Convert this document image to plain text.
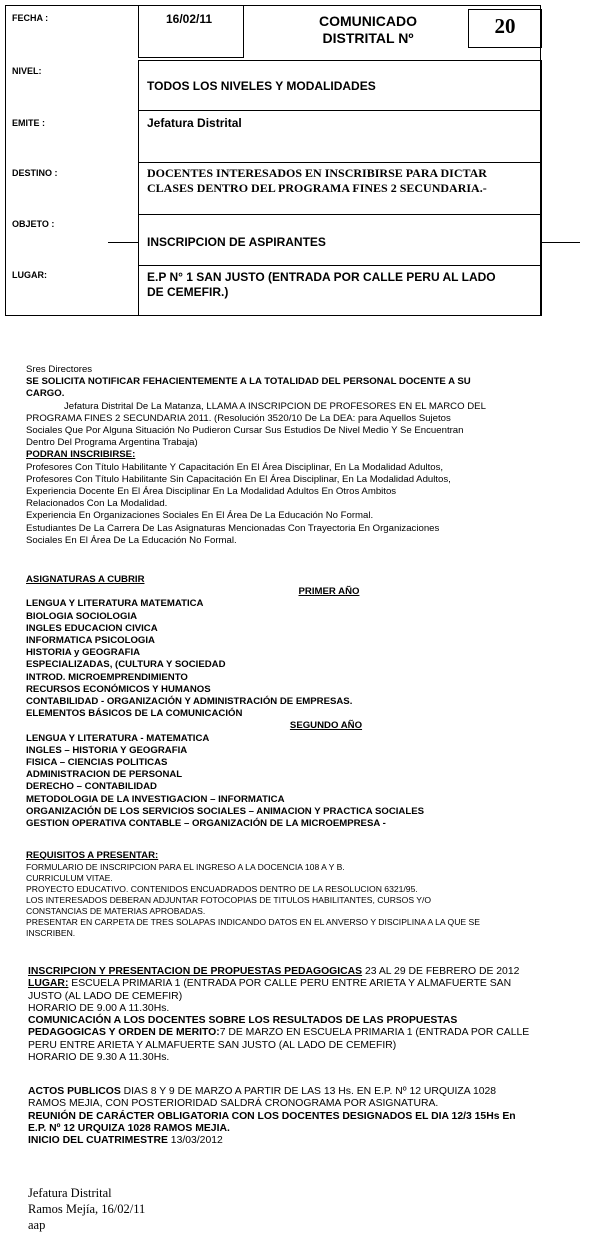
FECHA :	16/02/11	COMUNICADO
DISTRITAL Nº	20
NIVEL:
TODOS LOS NIVELES Y MODALIDADES
EMITE :	Jefatura Distrital
DESTINO :	DOCENTES INTERESADOS EN INSCRIBIRSE PARA DICTAR
CLASES DENTRO DEL PROGRAMA FINES 2 SECUNDARIA.-
OBJETO :
INSCRIPCION DE ASPIRANTES
LUGAR:	E.P N° 1 SAN JUSTO (ENTRADA POR CALLE PERU AL LADO
DE CEMEFIR.)

Sres Directores

SE SOLICITA NOTIFICAR FEHACIENTEMENTE A LA TOTALIDAD DEL PERSONAL DOCENTE A SU

CARGO.

Jefatura Distrital De La Matanza, LLAMA A INSCRIPCION DE PROFESORES EN EL MARCO DEL

PROGRAMA FINES 2 SECUNDARIA 2011. (Resolución 3520/10 De La DEA: para Aquellos Sujetos

Sociales Que Por Alguna Situación No Pudieron Cursar Sus Estudios De Nivel Medio Y Se Encuentran

Dentro Del Programa Argentina Trabaja)

PODRAN INSCRIBIRSE:

Profesores Con Título Habilitante Y Capacitación En El Área Disciplinar, En La Modalidad Adultos,

Profesores Con Título Habilitante Sin Capacitación En El Área Disciplinar, En La Modalidad Adultos,

Experiencia Docente En El Área Disciplinar En La Modalidad Adultos En Otros Ambitos

Relacionados Con La Modalidad.

Experiencia En Organizaciones Sociales En El Área De La Educación No Formal.

Estudiantes De La Carrera De Las Asignaturas Mencionadas Con Trayectoria En Organizaciones

Sociales En El Área De La Educación No Formal.

ASIGNATURAS A CUBRIR

PRIMER AÑO

LENGUA Y LITERATURA MATEMATICA

BIOLOGIA SOCIOLOGIA

INGLES EDUCACION CIVICA

INFORMATICA PSICOLOGIA

HISTORIA y GEOGRAFIA

ESPECIALIZADAS, (CULTURA Y SOCIEDAD

INTROD. MICROEMPRENDIMIENTO

RECURSOS ECONÓMICOS Y HUMANOS

CONTABILIDAD - ORGANIZACIÓN Y ADMINISTRACIÓN DE EMPRESAS.

ELEMENTOS BÁSICOS DE LA COMUNICACIÓN

SEGUNDO AÑO

LENGUA Y LITERATURA - MATEMATICA

INGLES – HISTORIA Y GEOGRAFIA

FISICA – CIENCIAS POLITICAS

ADMINISTRACION DE PERSONAL

DERECHO – CONTABILIDAD

METODOLOGIA DE LA INVESTIGACION – INFORMATICA

ORGANIZACIÓN DE LOS SERVICIOS SOCIALES – ANIMACION Y PRACTICA SOCIALES

GESTION OPERATIVA CONTABLE – ORGANIZACIÓN DE LA MICROEMPRESA -

REQUISITOS A PRESENTAR:

FORMULARIO DE INSCRIPCION PARA EL INGRESO A LA DOCENCIA 108 A Y B.

CURRICULUM VITAE.

PROYECTO EDUCATIVO. CONTENIDOS ENCUADRADOS DENTRO DE LA RESOLUCION 6321/95.

LOS INTERESADOS DEBERAN ADJUNTAR FOTOCOPIAS DE TITULOS HABILITANTES, CURSOS Y/O

CONSTANCIAS DE MATERIAS APROBADAS.

PRESENTAR EN CARPETA DE TRES SOLAPAS INDICANDO DATOS EN EL ANVERSO Y DISCIPLINA A LA QUE SE

INSCRIBEN.

INSCRIPCION Y PRESENTACION DE PROPUESTAS PEDAGOGICAS 23 AL 29 DE FEBRERO DE 2012

LUGAR: ESCUELA PRIMARIA 1 (ENTRADA POR CALLE PERU ENTRE ARIETA Y ALMAFUERTE SAN

JUSTO (AL LADO DE CEMEFIR)

HORARIO DE 9.00 A 11.30Hs.

COMUNICACIÓN A LOS DOCENTES SOBRE LOS RESULTADOS DE LAS PROPUESTAS

PEDAGOGICAS Y ORDEN DE MERITO:7 DE MARZO EN ESCUELA PRIMARIA 1 (ENTRADA POR CALLE

PERU ENTRE ARIETA Y ALMAFUERTE SAN JUSTO (AL LADO DE CEMEFIR)

HORARIO DE 9.30 A 11.30Hs.

ACTOS PUBLICOS DIAS 8 Y 9 DE MARZO A PARTIR DE LAS 13 Hs. EN E.P. Nº 12 URQUIZA 1028

RAMOS MEJIA, CON POSTERIORIDAD SALDRÁ CRONOGRAMA POR ASIGNATURA.

REUNIÓN DE CARÁCTER OBLIGATORIA CON LOS DOCENTES DESIGNADOS EL DIA 12/3 15Hs En

E.P. Nº 12 URQUIZA 1028 RAMOS MEJIA.

INICIO DEL CUATRIMESTRE 13/03/2012

Jefatura Distrital
Ramos Mejía, 16/02/11
aap
